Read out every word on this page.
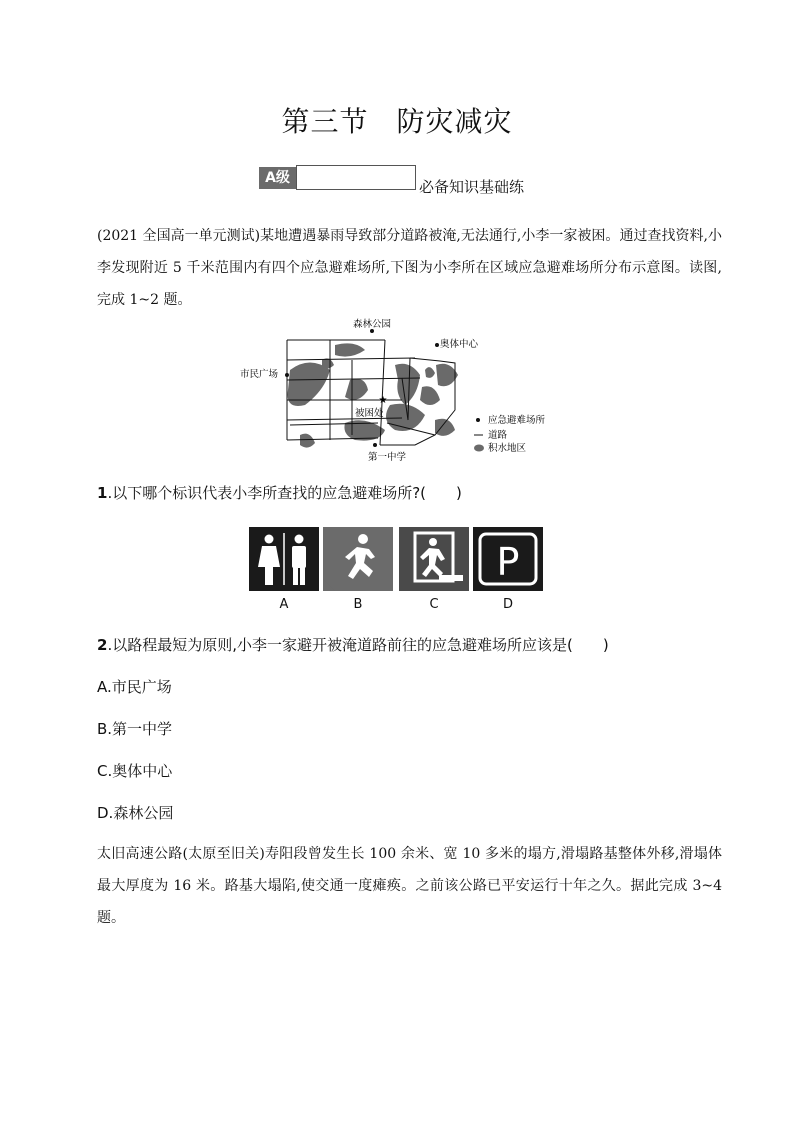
第三节 防灾减灾
A级	必备知识基础练
(2021 全国高一单元测试)某地遭遇暴雨导致部分道路被淹,无法通行,小李一家被困。通过查找资料,小李发现附近 5 千米范围内有四个应急避难场所,下图为小李所在区域应急避难场所分布示意图。读图,完成 1~2 题。
森林公园
奥体中心
市民广场
★
被困处
第一中学
应急避难场所
道路
积水地区
1.以下哪个标识代表小李所查找的应急避难场所?(　　)
P
A	B	C	D
2.以路程最短为原则,小李一家避开被淹道路前往的应急避难场所应该是(　　)
A.市民广场
B.第一中学
C.奥体中心
D.森林公园
太旧高速公路(太原至旧关)寿阳段曾发生长 100 余米、宽 10 多米的塌方,滑塌路基整体外移,滑塌体最大厚度为 16 米。路基大塌陷,使交通一度瘫痪。之前该公路已平安运行十年之久。据此完成 3~4 题。
